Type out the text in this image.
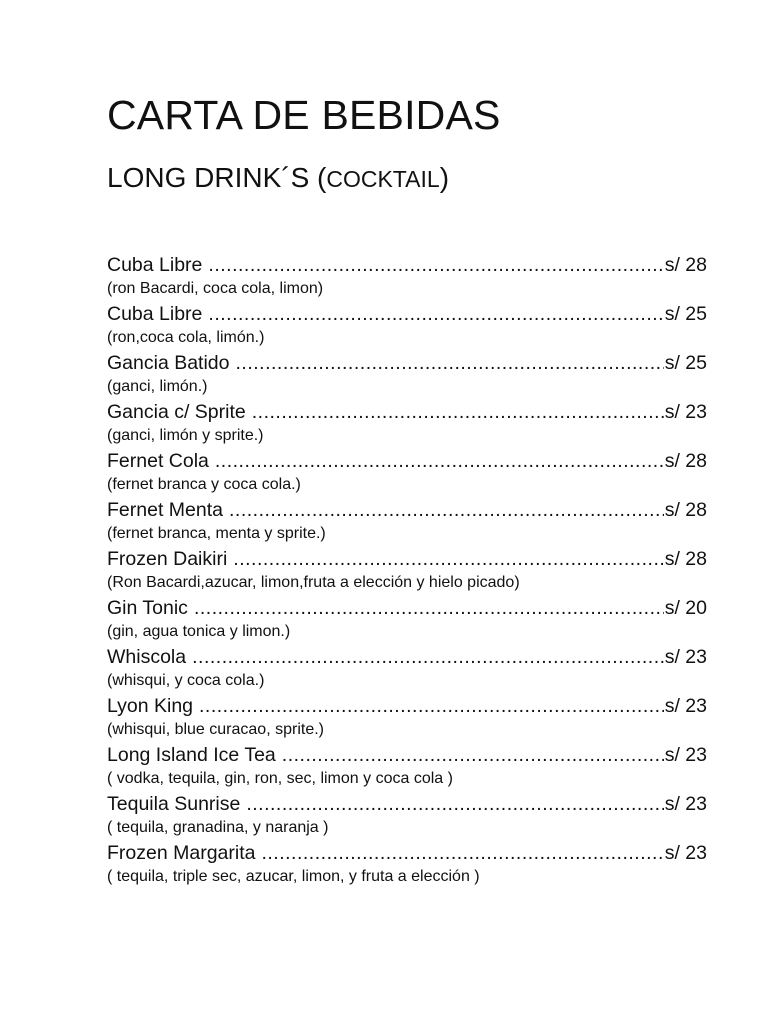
CARTA DE BEBIDAS
LONG DRINK´S (COCKTAIL)
Cuba Libre .....	s/ 28
(ron Bacardi, coca cola, limon)
Cuba Libre .....	s/ 25
(ron,coca cola, limón.)
Gancia Batido .....	s/ 25
(ganci, limón.)
Gancia c/ Sprite .....	s/ 23
(ganci, limón y sprite.)
Fernet Cola .....	s/ 28
(fernet branca y coca cola.)
Fernet Menta .....	s/ 28
(fernet branca, menta y sprite.)
Frozen Daikiri .....	s/ 28
(Ron Bacardi,azucar, limon,fruta a elección y hielo picado)
Gin Tonic .....	s/ 20
(gin, agua tonica y limon.)
Whiscola .....	s/ 23
(whisqui, y coca cola.)
Lyon King .....	s/ 23
(whisqui, blue curacao, sprite.)
Long Island Ice Tea .....	s/ 23
( vodka, tequila, gin, ron, sec, limon y coca cola )
Tequila Sunrise .....	s/ 23
( tequila, granadina, y naranja )
Frozen Margarita .....	s/ 23
( tequila, triple sec, azucar, limon, y fruta a elección )
